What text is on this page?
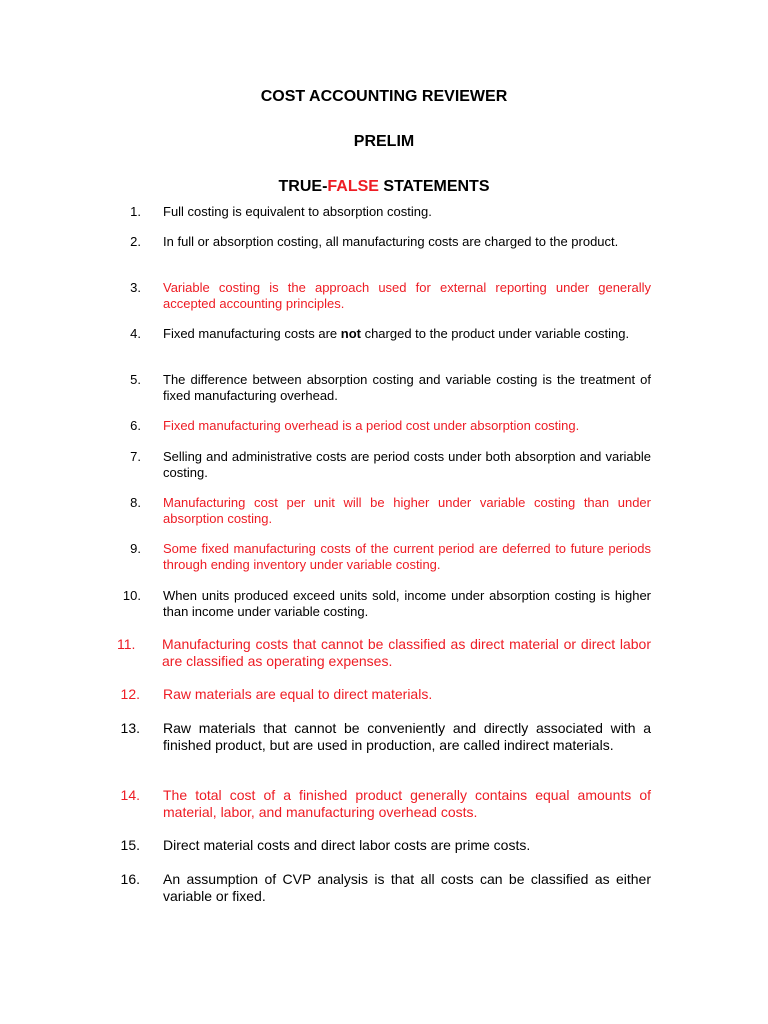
COST ACCOUNTING REVIEWER
PRELIM
TRUE-FALSE STATEMENTS
1. Full costing is equivalent to absorption costing.
2. In full or absorption costing, all manufacturing costs are charged to the product.
3. Variable costing is the approach used for external reporting under generally accepted accounting principles.
4. Fixed manufacturing costs are not charged to the product under variable costing.
5. The difference between absorption costing and variable costing is the treatment of fixed manufacturing overhead.
6. Fixed manufacturing overhead is a period cost under absorption costing.
7. Selling and administrative costs are period costs under both absorption and variable costing.
8. Manufacturing cost per unit will be higher under variable costing than under absorption costing.
9. Some fixed manufacturing costs of the current period are deferred to future periods through ending inventory under variable costing.
10. When units produced exceed units sold, income under absorption costing is higher than income under variable costing.
11. Manufacturing costs that cannot be classified as direct material or direct labor are classified as operating expenses.
12. Raw materials are equal to direct materials.
13. Raw materials that cannot be conveniently and directly associated with a finished product, but are used in production, are called indirect materials.
14. The total cost of a finished product generally contains equal amounts of material, labor, and manufacturing overhead costs.
15. Direct material costs and direct labor costs are prime costs.
16. An assumption of CVP analysis is that all costs can be classified as either variable or fixed.
